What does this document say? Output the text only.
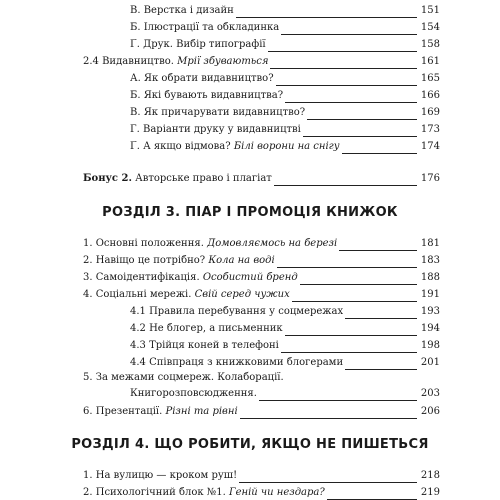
В. Верстка і дизайн	151
Б. Ілюстрації та обкладинка	154
Ґ. Друк. Вибір типографії	158
2.4 Видавництво. Мрії збуваються	161
А. Як обрати видавництво?	165
Б. Які бувають видавництва?	166
В. Як причарувати видавництво?	169
Г. Варіанти друку у видавництві	173
Ґ. А якщо відмова? Білі ворони на снігу	174
Бонус 2. Авторське право і плагіат	176
РОЗДІЛ 3. ПІАР І ПРОМОЦІЯ КНИЖОК
1. Основні положення. Домовляємось на березі	181
2. Навіщо це потрібно? Кола на воді	183
3. Самоідентифікація. Особистий бренд	188
4. Соціальні мережі. Свій серед чужих	191
4.1 Правила перебування у соцмережах	193
4.2 Не блогер, а письменник	194
4.3 Трійця коней в телефоні	198
4.4 Співпраця з книжковими блогерами	201
5. За межами соцмереж. Колаборації.
Книгорозповсюдження.	203
6. Презентації. Різні та рівні	206
РОЗДІЛ 4. ЩО РОБИТИ, ЯКЩО НЕ ПИШЕТЬСЯ
1. На вулицю — кроком руш!	218
2. Психологічний блок №1. Геній чи нездара?	219
